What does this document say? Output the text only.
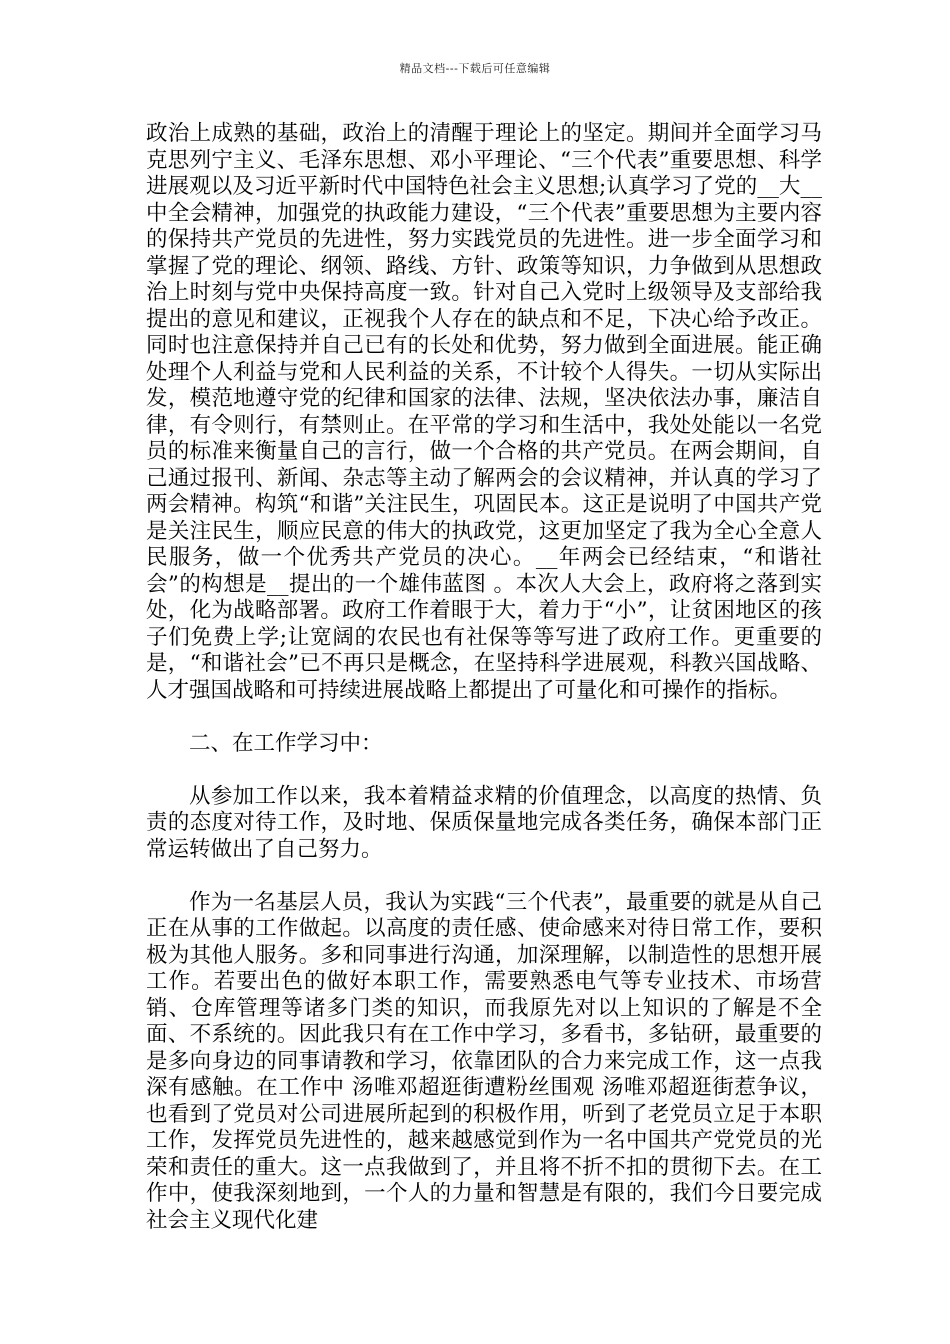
精品文档---下载后可任意编辑

政治上成熟的基础，政治上的清醒于理论上的坚定。期间并全面学习马克思列宁主义、毛泽东思想、邓小平理论、“三个代表”重要思想、科学进展观以及习近平新时代中国特色社会主义思想;认真学习了党的__大__中全会精神，加强党的执政能力建设，“三个代表”重要思想为主要内容的保持共产党员的先进性，努力实践党员的先进性。进一步全面学习和掌握了党的理论、纲领、路线、方针、政策等知识，力争做到从思想政治上时刻与党中央保持高度一致。针对自己入党时上级领导及支部给我提出的意见和建议，正视我个人存在的缺点和不足，下决心给予改正。同时也注意保持并自己已有的长处和优势，努力做到全面进展。能正确处理个人利益与党和人民利益的关系，不计较个人得失。一切从实际出发，模范地遵守党的纪律和国家的法律、法规，坚决依法办事，廉洁自律，有令则行，有禁则止。在平常的学习和生活中，我处处能以一名党员的标准来衡量自己的言行，做一个合格的共产党员。在两会期间，自己通过报刊、新闻、杂志等主动了解两会的会议精神，并认真的学习了两会精神。构筑“和谐”关注民生，巩固民本。这正是说明了中国共产党是关注民生，顺应民意的伟大的执政党，这更加坚定了我为全心全意人民服务，做一个优秀共产党员的决心。__年两会已经结束，“和谐社会”的构想是__提出的一个雄伟蓝图 。本次人大会上，政府将之落到实处，化为战略部署。政府工作着眼于大，着力于“小”，让贫困地区的孩子们免费上学;让宽阔的农民也有社保等等写进了政府工作。更重要的是，“和谐社会”已不再只是概念，在坚持科学进展观，科教兴国战略、人才强国战略和可持续进展战略上都提出了可量化和可操作的指标。

二、在工作学习中：

从参加工作以来，我本着精益求精的价值理念，以高度的热情、负责的态度对待工作，及时地、保质保量地完成各类任务，确保本部门正常运转做出了自己努力。

作为一名基层人员，我认为实践“三个代表”，最重要的就是从自己正在从事的工作做起。以高度的责任感、使命感来对待日常工作，要积极为其他人服务。多和同事进行沟通，加深理解，以制造性的思想开展工作。若要出色的做好本职工作，需要熟悉电气等专业技术、市场营销、仓库管理等诸多门类的知识，而我原先对以上知识的了解是不全面、不系统的。因此我只有在工作中学习，多看书，多钻研，最重要的是多向身边的同事请教和学习，依靠团队的合力来完成工作，这一点我深有感触。在工作中 汤唯邓超逛街遭粉丝围观 汤唯邓超逛街惹争议，也看到了党员对公司进展所起到的积极作用，听到了老党员立足于本职工作，发挥党员先进性的，越来越感觉到作为一名中国共产党党员的光荣和责任的重大。这一点我做到了，并且将不折不扣的贯彻下去。在工作中，使我深刻地到，一个人的力量和智慧是有限的，我们今日要完成社会主义现代化建
